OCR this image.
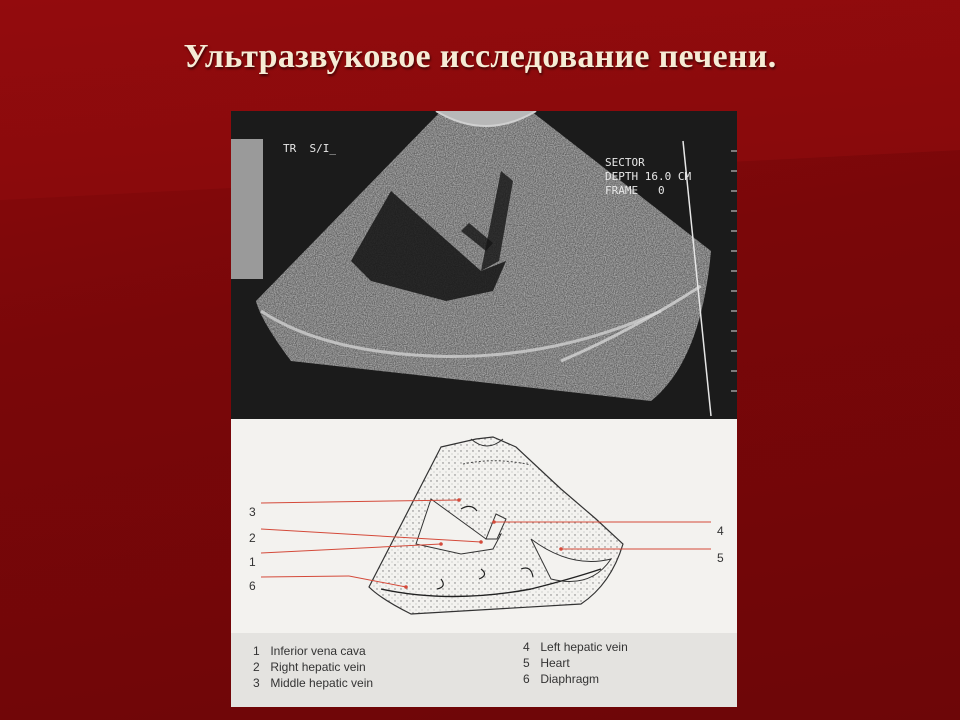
Ультразвуковое исследование печени.
TR  S/I_
SECTOR
DEPTH 16.0 CM
FRAME   0
3
2
1
6
4
5
1 Inferior vena cava
2 Right hepatic vein
3 Middle hepatic vein
4 Left hepatic vein
5 Heart
6 Diaphragm
